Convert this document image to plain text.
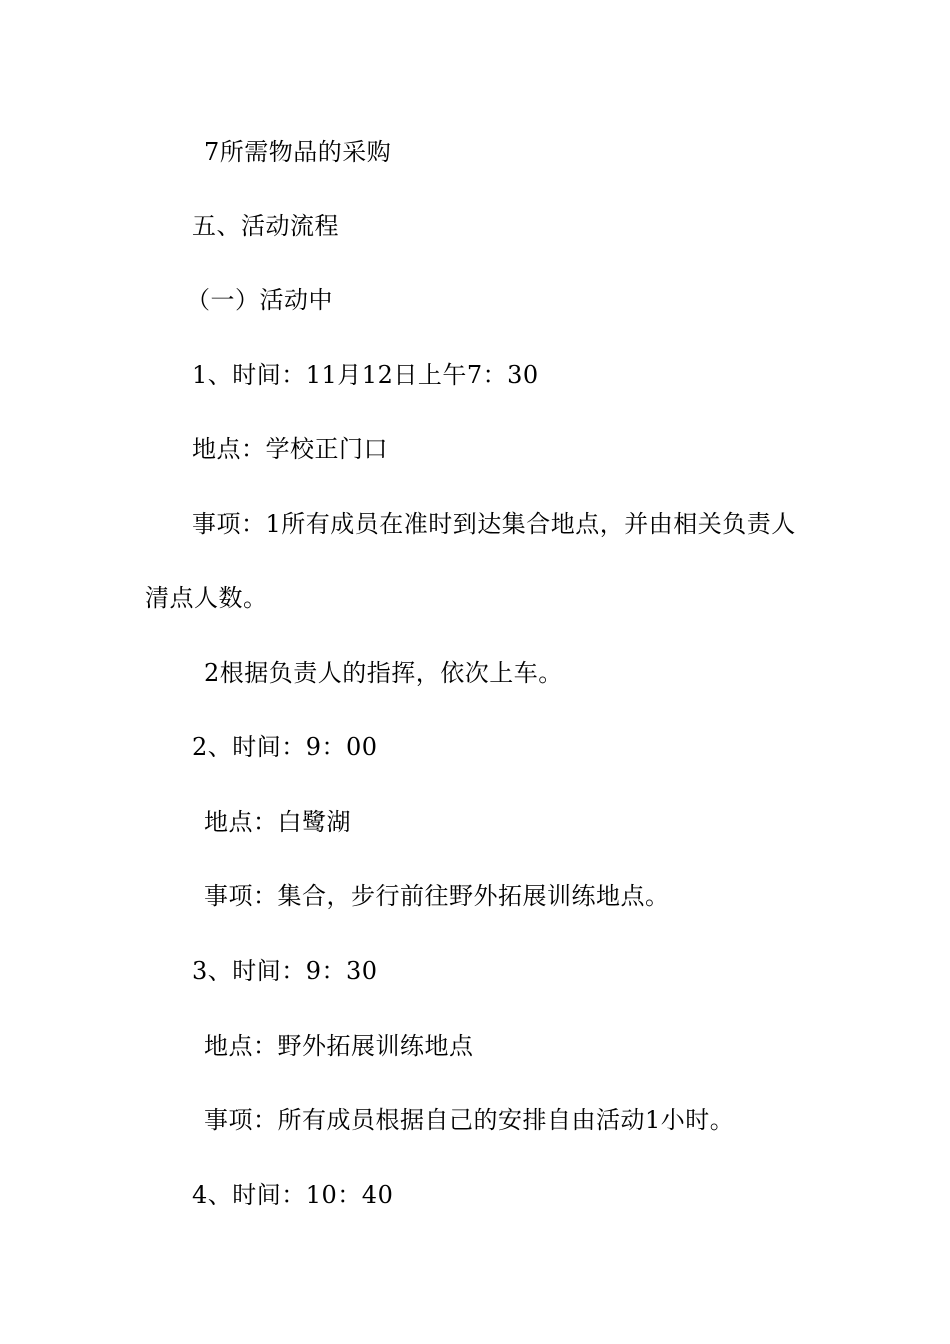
7所需物品的采购
五、活动流程
（一）活动中
1、时间：11月12日上午7：30
地点：学校正门口
事项：1所有成员在准时到达集合地点，并由相关负责人
清点人数。
2根据负责人的指挥，依次上车。
2、时间：9：00
地点：白鹭湖
事项：集合，步行前往野外拓展训练地点。
3、时间：9：30
地点：野外拓展训练地点
事项：所有成员根据自己的安排自由活动1小时。
4、时间：10：40
